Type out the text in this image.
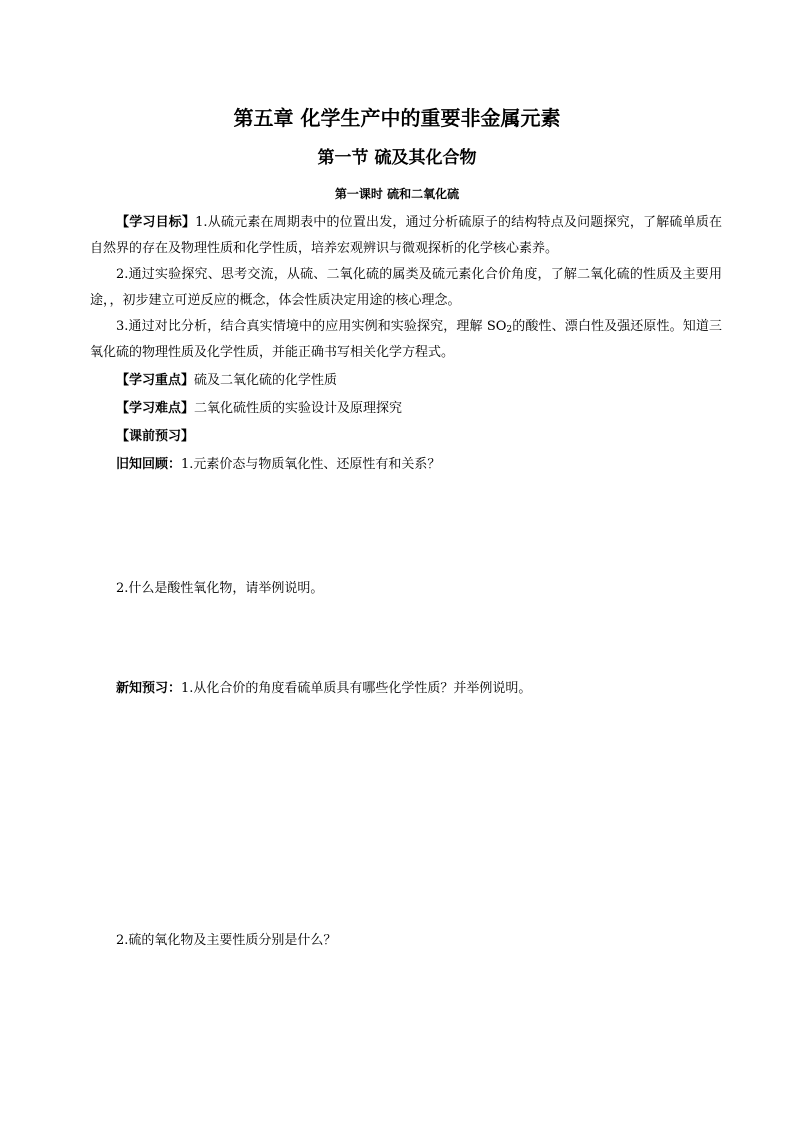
第五章 化学生产中的重要非金属元素
第一节 硫及其化合物
第一课时 硫和二氧化硫
【学习目标】1.从硫元素在周期表中的位置出发，通过分析硫原子的结构特点及问题探究，了解硫单质在自然界的存在及物理性质和化学性质，培养宏观辨识与微观探析的化学核心素养。
2.通过实验探究、思考交流，从硫、二氧化硫的属类及硫元素化合价角度，了解二氧化硫的性质及主要用途，，初步建立可逆反应的概念，体会性质决定用途的核心理念。
3.通过对比分析，结合真实情境中的应用实例和实验探究，理解 $SO_2$的酸性、漂白性及强还原性。知道三氧化硫的物理性质及化学性质，并能正确书写相关化学方程式。
【学习重点】硫及二氧化硫的化学性质
【学习难点】二氧化硫性质的实验设计及原理探究
【课前预习】
旧知回顾：1.元素价态与物质氧化性、还原性有和关系？
2.什么是酸性氧化物，请举例说明。
新知预习：1.从化合价的角度看硫单质具有哪些化学性质？并举例说明。
2.硫的氧化物及主要性质分别是什么？
